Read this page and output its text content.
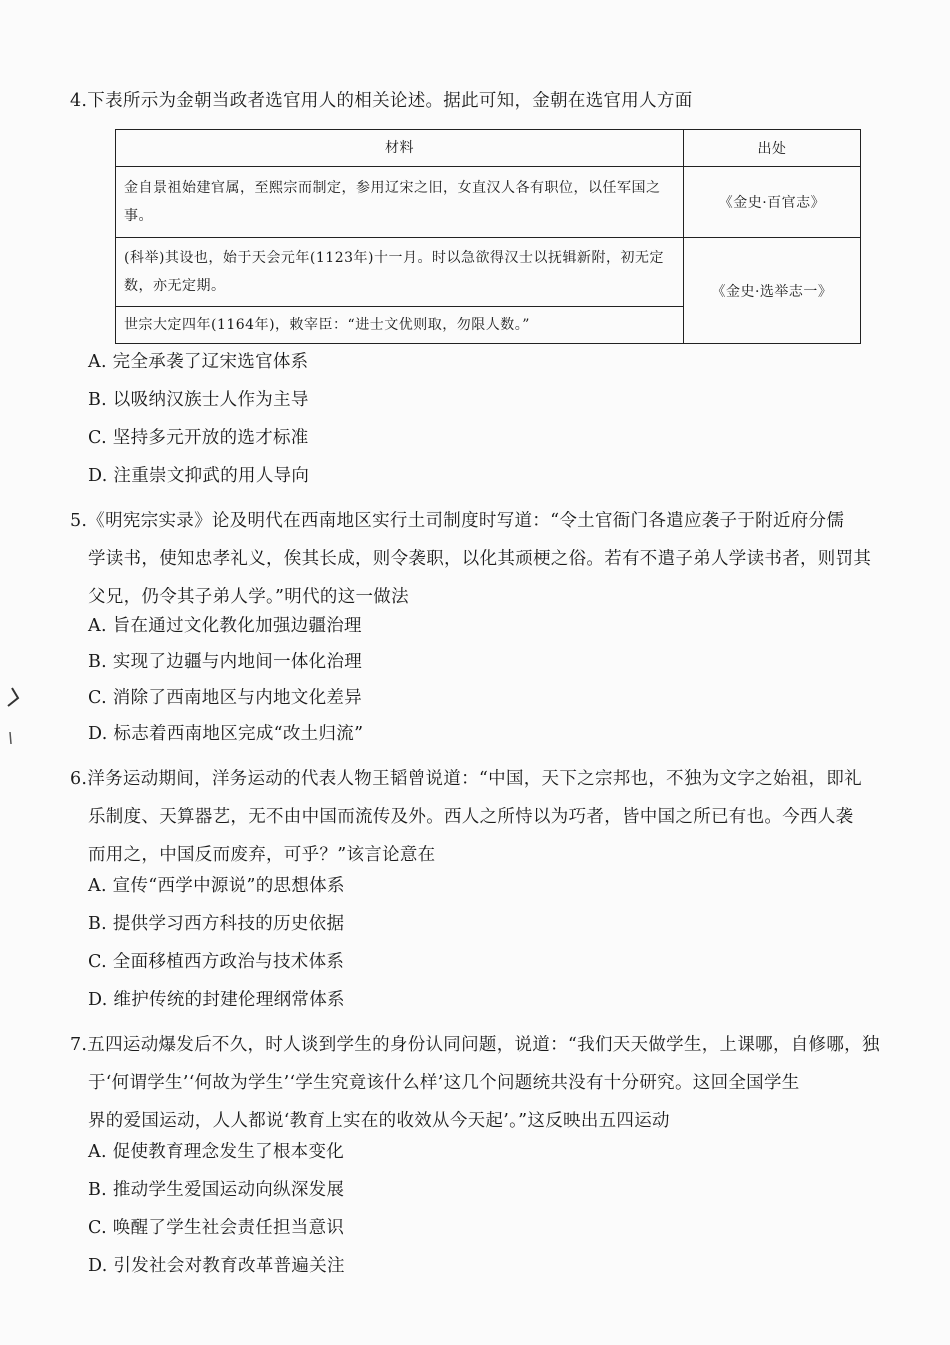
4.下表所示为金朝当政者选官用人的相关论述。据此可知，金朝在选官用人方面

材料	出处
金自景祖始建官属，至熙宗而制定，参用辽宋之旧，女直汉人各有职位，以任军国之事。	《金史·百官志》
(科举)其设也，始于天会元年(1123年)十一月。时以急欲得汉士以抚辑新附，初无定数，亦无定期。	《金史·选举志一》
世宗大定四年(1164年)，敕宰臣：“进士文优则取，勿限人数。”	
A. 完全承袭了辽宋选官体系
B. 以吸纳汉族士人作为主导
C. 坚持多元开放的选才标准
D. 注重崇文抑武的用人导向

5.《明宪宗实录》论及明代在西南地区实行土司制度时写道：“令土官衙门各遣应袭子于附近府分儒

学读书，使知忠孝礼义，俟其长成，则令袭职，以化其顽梗之俗。若有不遣子弟人学读书者，则罚其

父兄，仍令其子弟人学。”明代的这一做法

A. 旨在通过文化教化加强边疆治理
B. 实现了边疆与内地间一体化治理
C. 消除了西南地区与内地文化差异
D. 标志着西南地区完成“改土归流”

6.洋务运动期间，洋务运动的代表人物王韬曾说道：“中国，天下之宗邦也，不独为文字之始祖，即礼

乐制度、天算器艺，无不由中国而流传及外。西人之所恃以为巧者，皆中国之所已有也。今西人袭

而用之，中国反而废弃，可乎？”该言论意在

A. 宣传“西学中源说”的思想体系
B. 提供学习西方科技的历史依据
C. 全面移植西方政治与技术体系
D. 维护传统的封建伦理纲常体系

7.五四运动爆发后不久，时人谈到学生的身份认同问题，说道：“我们天天做学生，上课哪，自修哪，独

于‘何谓学生’‘何故为学生’‘学生究竟该什么样’这几个问题统共没有十分研究。这回全国学生

界的爱国运动，人人都说‘教育上实在的收效从今天起’。”这反映出五四运动

A. 促使教育理念发生了根本变化
B. 推动学生爱国运动向纵深发展
C. 唤醒了学生社会责任担当意识
D. 引发社会对教育改革普遍关注
